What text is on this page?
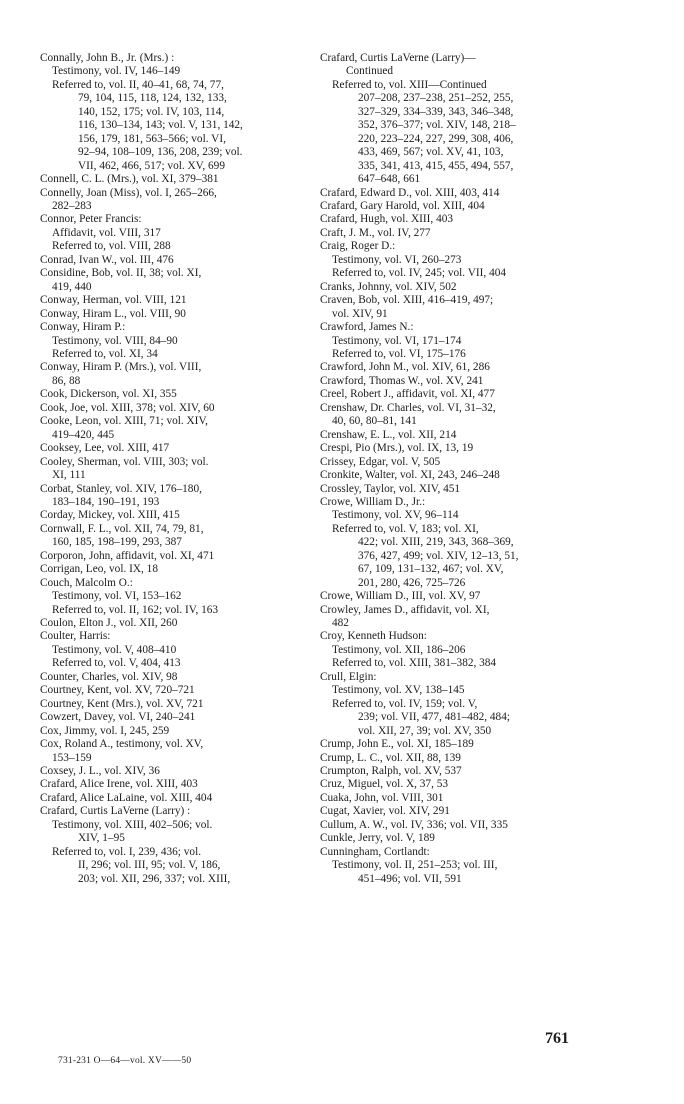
Connally, John B., Jr. (Mrs.) :
Testimony, vol. IV, 146–149
Referred to, vol. II, 40–41, 68, 74, 77,
79, 104, 115, 118, 124, 132, 133,
140, 152, 175; vol. IV, 103, 114,
116, 130–134, 143; vol. V, 131, 142,
156, 179, 181, 563–566; vol. VI,
92–94, 108–109, 136, 208, 239; vol.
VII, 462, 466, 517; vol. XV, 699
Connell, C. L. (Mrs.), vol. XI, 379–381
Connelly, Joan (Miss), vol. I, 265–266,
282–283
Connor, Peter Francis:
Affidavit, vol. VIII, 317
Referred to, vol. VIII, 288
Conrad, Ivan W., vol. III, 476
Considine, Bob, vol. II, 38; vol. XI,
419, 440
Conway, Herman, vol. VIII, 121
Conway, Hiram L., vol. VIII, 90
Conway, Hiram P.:
Testimony, vol. VIII, 84–90
Referred to, vol. XI, 34
Conway, Hiram P. (Mrs.), vol. VIII,
86, 88
Cook, Dickerson, vol. XI, 355
Cook, Joe, vol. XIII, 378; vol. XIV, 60
Cooke, Leon, vol. XIII, 71; vol. XIV,
419–420, 445
Cooksey, Lee, vol. XIII, 417
Cooley, Sherman, vol. VIII, 303; vol.
XI, 111
Corbat, Stanley, vol. XIV, 176–180,
183–184, 190–191, 193
Corday, Mickey, vol. XIII, 415
Cornwall, F. L., vol. XII, 74, 79, 81,
160, 185, 198–199, 293, 387
Corporon, John, affidavit, vol. XI, 471
Corrigan, Leo, vol. IX, 18
Couch, Malcolm O.:
Testimony, vol. VI, 153–162
Referred to, vol. II, 162; vol. IV, 163
Coulon, Elton J., vol. XII, 260
Coulter, Harris:
Testimony, vol. V, 408–410
Referred to, vol. V, 404, 413
Counter, Charles, vol. XIV, 98
Courtney, Kent, vol. XV, 720–721
Courtney, Kent (Mrs.), vol. XV, 721
Cowzert, Davey, vol. VI, 240–241
Cox, Jimmy, vol. I, 245, 259
Cox, Roland A., testimony, vol. XV,
153–159
Coxsey, J. L., vol. XIV, 36
Crafard, Alice Irene, vol. XIII, 403
Crafard, Alice LaLaine, vol. XIII, 404
Crafard, Curtis LaVerne (Larry) :
Testimony, vol. XIII, 402–506; vol.
XIV, 1–95
Referred to, vol. I, 239, 436; vol.
II, 296; vol. III, 95; vol. V, 186,
203; vol. XII, 296, 337; vol. XIII,
Crafard, Curtis LaVerne (Larry)—
Continued
Referred to, vol. XIII—Continued
207–208, 237–238, 251–252, 255,
327–329, 334–339, 343, 346–348,
352, 376–377; vol. XIV, 148, 218–
220, 223–224, 227, 299, 308, 406,
433, 469, 567; vol. XV, 41, 103,
335, 341, 413, 415, 455, 494, 557,
647–648, 661
Crafard, Edward D., vol. XIII, 403, 414
Crafard, Gary Harold, vol. XIII, 404
Crafard, Hugh, vol. XIII, 403
Craft, J. M., vol. IV, 277
Craig, Roger D.:
Testimony, vol. VI, 260–273
Referred to, vol. IV, 245; vol. VII, 404
Cranks, Johnny, vol. XIV, 502
Craven, Bob, vol. XIII, 416–419, 497;
vol. XIV, 91
Crawford, James N.:
Testimony, vol. VI, 171–174
Referred to, vol. VI, 175–176
Crawford, John M., vol. XIV, 61, 286
Crawford, Thomas W., vol. XV, 241
Creel, Robert J., affidavit, vol. XI, 477
Crenshaw, Dr. Charles, vol. VI, 31–32,
40, 60, 80–81, 141
Crenshaw, E. L., vol. XII, 214
Crespi, Pio (Mrs.), vol. IX, 13, 19
Crissey, Edgar, vol. V, 505
Cronkite, Walter, vol. XI, 243, 246–248
Crossley, Taylor, vol. XIV, 451
Crowe, William D., Jr.:
Testimony, vol. XV, 96–114
Referred to, vol. V, 183; vol. XI,
422; vol. XIII, 219, 343, 368–369,
376, 427, 499; vol. XIV, 12–13, 51,
67, 109, 131–132, 467; vol. XV,
201, 280, 426, 725–726
Crowe, William D., III, vol. XV, 97
Crowley, James D., affidavit, vol. XI,
482
Croy, Kenneth Hudson:
Testimony, vol. XII, 186–206
Referred to, vol. XIII, 381–382, 384
Crull, Elgin:
Testimony, vol. XV, 138–145
Referred to, vol. IV, 159; vol. V,
239; vol. VII, 477, 481–482, 484;
vol. XII, 27, 39; vol. XV, 350
Crump, John E., vol. XI, 185–189
Crump, L. C., vol. XII, 88, 139
Crumpton, Ralph, vol. XV, 537
Cruz, Miguel, vol. X, 37, 53
Cuaka, John, vol. VIII, 301
Cugat, Xavier, vol. XIV, 291
Cullum, A. W., vol. IV, 336; vol. VII, 335
Cunkle, Jerry, vol. V, 189
Cunningham, Cortlandt:
Testimony, vol. II, 251–253; vol. III,
451–496; vol. VII, 591
761
731-231 O—64—vol. XV——50
